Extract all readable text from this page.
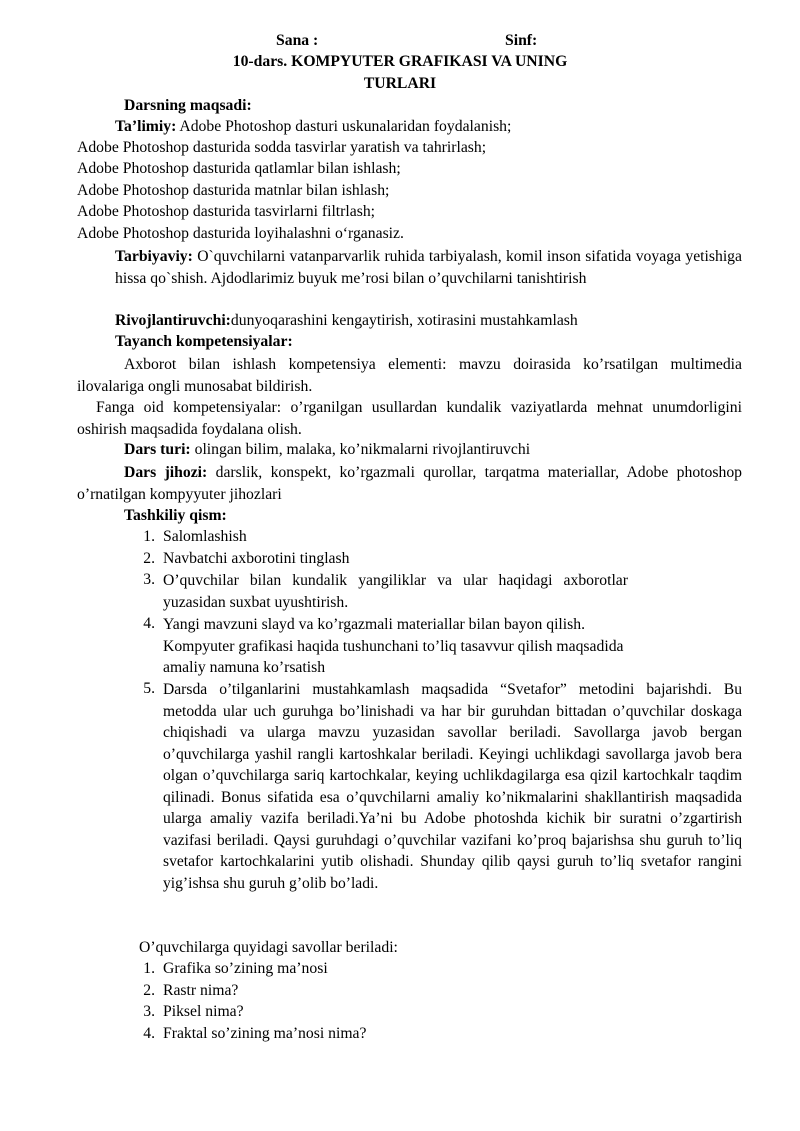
Sana :	Sinf:
10-dars. KOMPYUTER GRAFIKASI VA UNING
TURLARI
Darsning maqsadi:
Ta’limiy: Adobe Photoshop dasturi uskunalaridan foydalanish;
Adobe Photoshop dasturida sodda tasvirlar yaratish va tahrirlash;
Adobe Photoshop dasturida qatlamlar bilan ishlash;
Adobe Photoshop dasturida matnlar bilan ishlash;
Adobe Photoshop dasturida tasvirlarni filtrlash;
Adobe Photoshop dasturida loyihalashni o‘rganasiz.
Tarbiyaviy: O`quvchilarni vatanparvarlik ruhida tarbiyalash, komil inson sifatida voyaga yetishiga hissa qo`shish. Ajdodlarimiz buyuk me’rosi bilan o’quvchilarni tanishtirish
Rivojlantiruvchi:dunyoqarashini kengaytirish, xotirasini mustahkamlash
Tayanch kompetensiyalar:
Axborot bilan ishlash kompetensiya elementi: mavzu doirasida ko’rsatilgan multimedia ilovalariga ongli munosabat bildirish.
Fanga oid kompetensiyalar: o’rganilgan usullardan kundalik vaziyatlarda mehnat unumdorligini oshirish maqsadida foydalana olish.
Dars turi: olingan bilim, malaka, ko’nikmalarni rivojlantiruvchi
Dars jihozi: darslik, konspekt, ko’rgazmali qurollar, tarqatma materiallar, Adobe photoshop o’rnatilgan kompyyuter jihozlari
Tashkiliy qism:
1. Salomlashish
2. Navbatchi axborotini tinglash
3. O’quvchilar bilan kundalik yangiliklar va ular haqidagi axborotlar yuzasidan suxbat uyushtirish.
4. Yangi mavzuni slayd va ko’rgazmali materiallar bilan bayon qilish. Kompyuter grafikasi haqida tushunchani to’liq tasavvur qilish maqsadida amaliy namuna ko’rsatish
5. Darsda o’tilganlarini mustahkamlash maqsadida “Svetafor” metodini bajarishdi. Bu metodda ular uch guruhga bo’linishadi va har bir guruhdan bittadan o’quvchilar doskaga chiqishadi va ularga mavzu yuzasidan savollar beriladi. Savollarga javob bergan o’quvchilarga yashil rangli kartoshkalar beriladi. Keyingi uchlikdagi savollarga javob bera olgan o’quvchilarga sariq kartochkalar, keying uchlikdagilarga esa qizil kartochkalr taqdim qilinadi. Bonus sifatida esa o’quvchilarni amaliy ko’nikmalarini shakllantirish maqsadida ularga amaliy vazifa beriladi.Ya’ni bu Adobe photoshda kichik bir suratni o’zgartirish vazifasi beriladi. Qaysi guruhdagi o’quvchilar vazifani ko’proq bajarishsa shu guruh to’liq svetafor kartochkalarini yutib olishadi. Shunday qilib qaysi guruh to’liq svetafor rangini yig’ishsa shu guruh g’olib bo’ladi.
O’quvchilarga quyidagi savollar beriladi:
1. Grafika so’zining ma’nosi
2. Rastr nima?
3. Piksel nima?
4. Fraktal so’zining ma’nosi nima?
